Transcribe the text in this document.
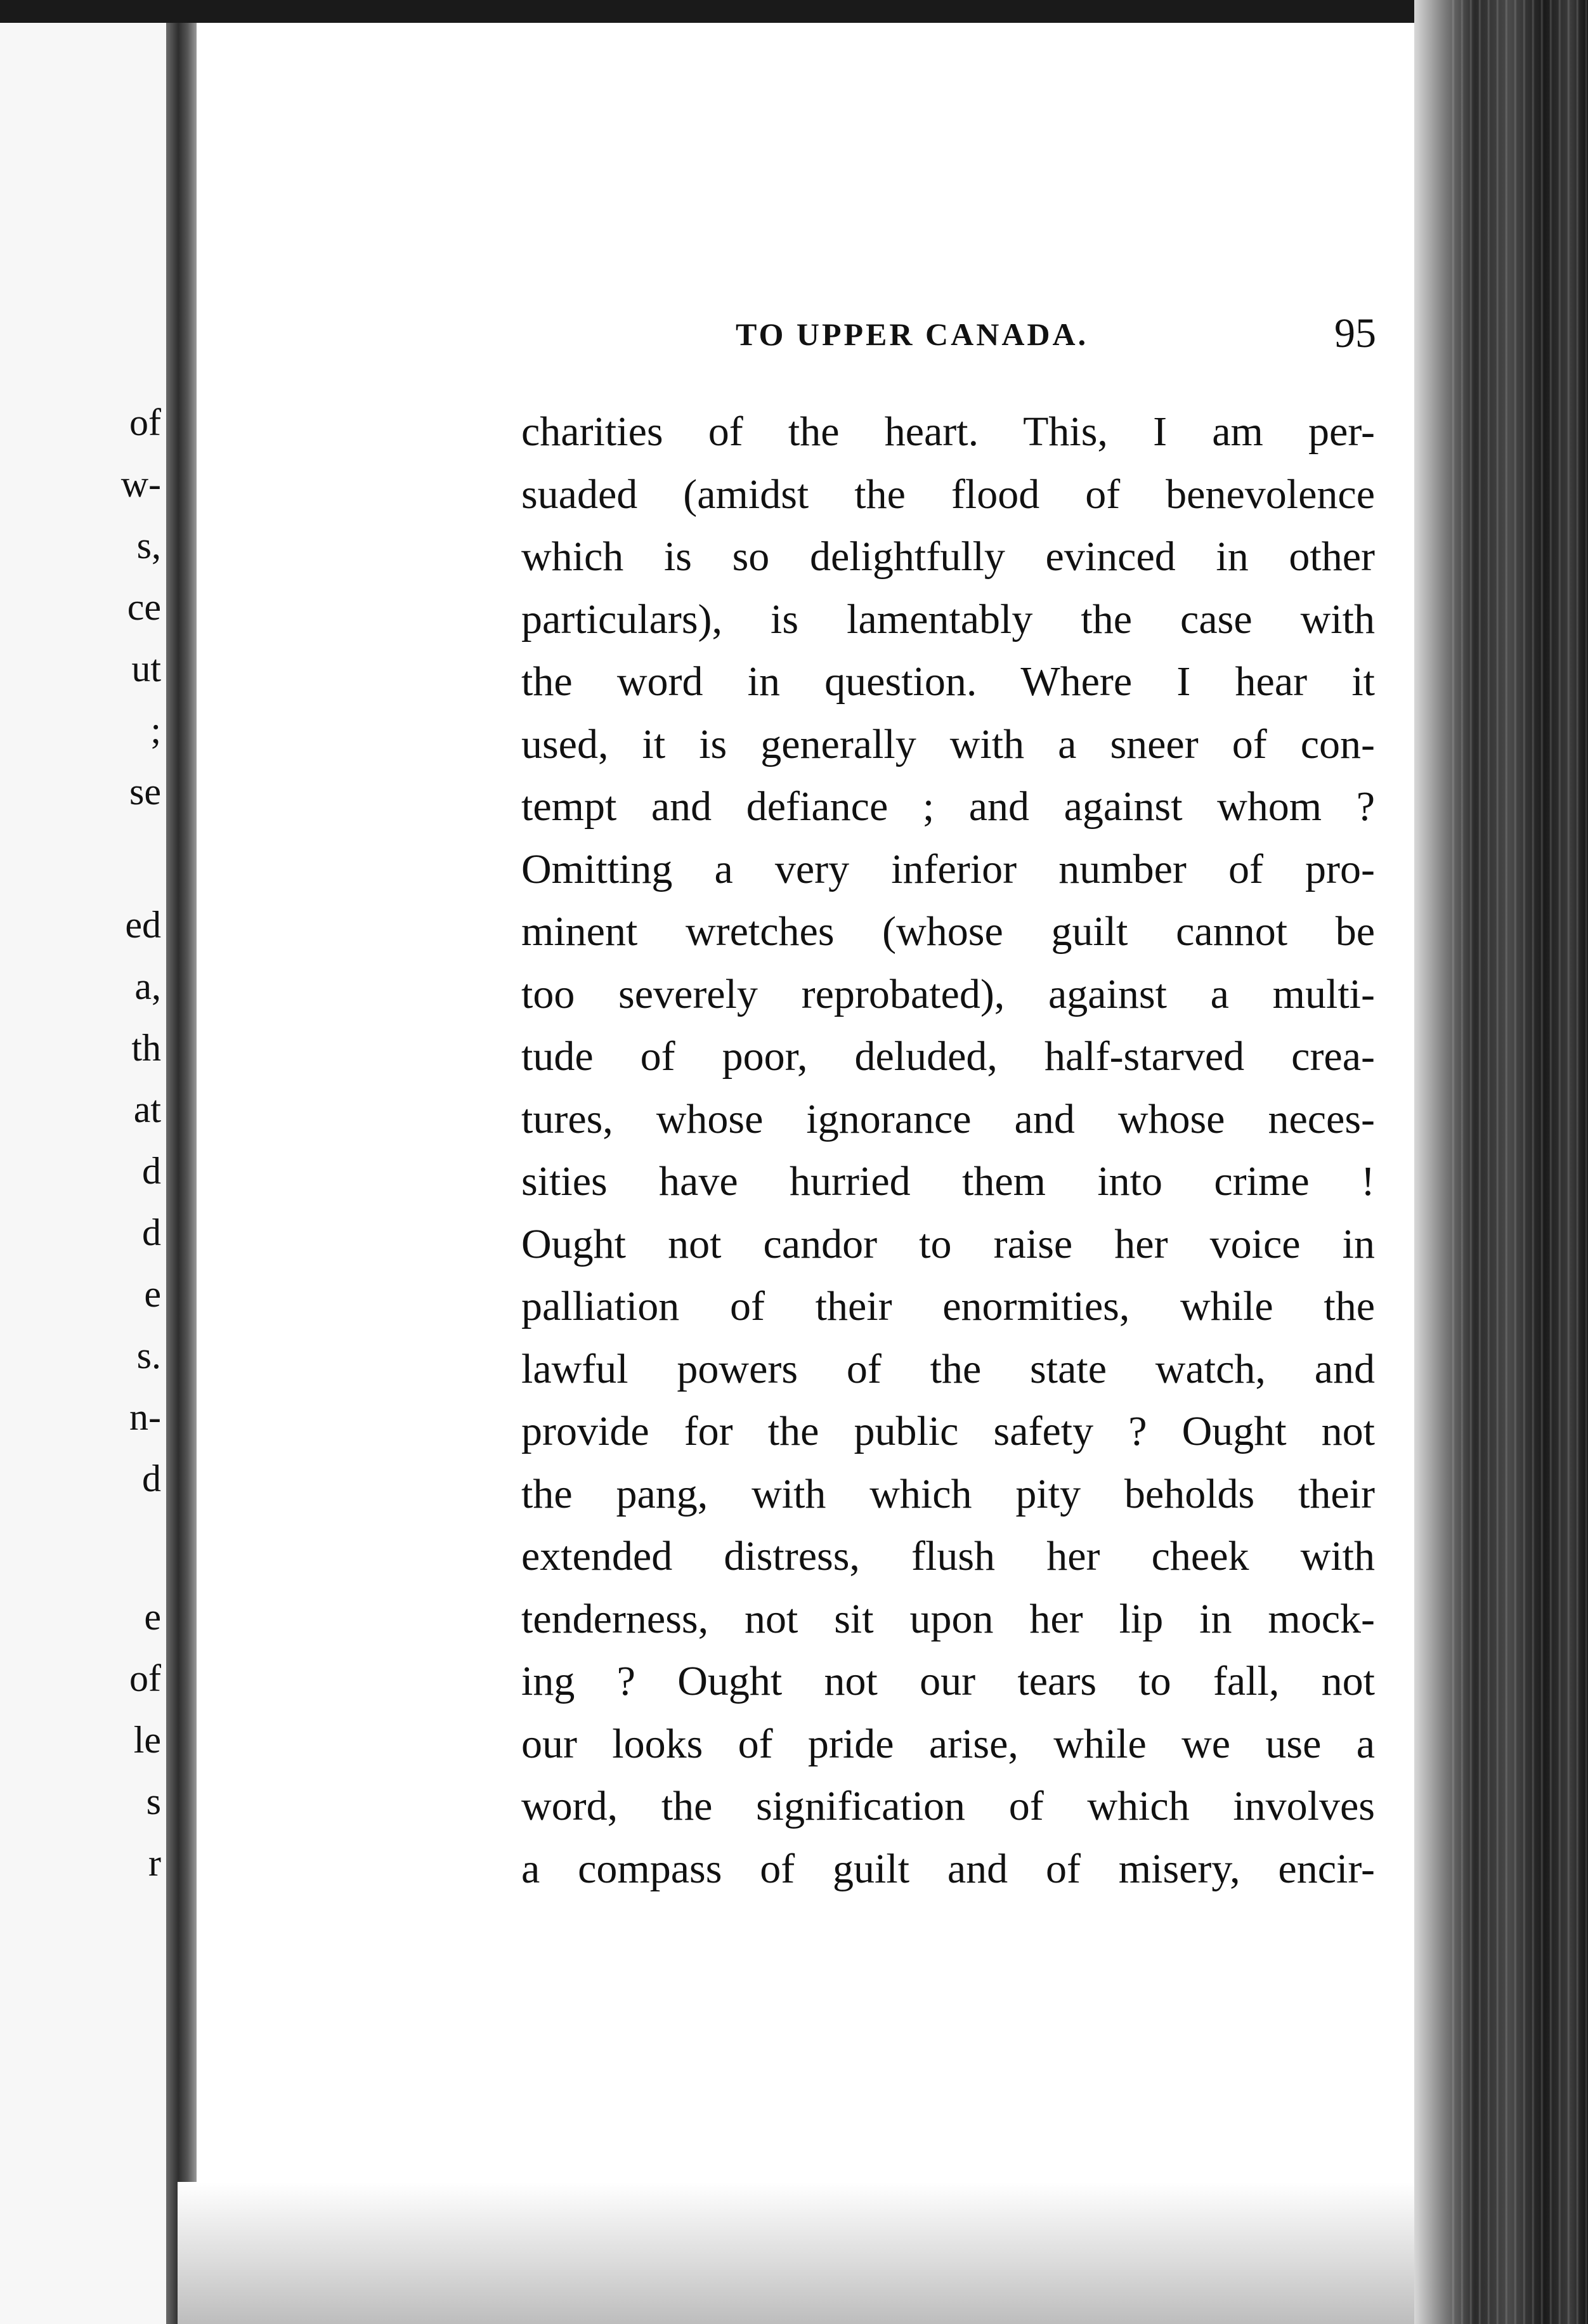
of
w-
s,
ce
ut
;
se
ed
a,
th
at
d
d
e
s.
n-
d
e
of
le
s
r
TO UPPER CANADA.	95
charities of the heart. This, I am per-
suaded (amidst the flood of benevolence
which is so delightfully evinced in other
particulars), is lamentably the case with
the word in question. Where I hear it
used, it is generally with a sneer of con-
tempt and defiance ; and against whom ?
Omitting a very inferior number of pro-
minent wretches (whose guilt cannot be
too severely reprobated), against a multi-
tude of poor, deluded, half-starved crea-
tures, whose ignorance and whose neces-
sities have hurried them into crime !
Ought not candor to raise her voice in
palliation of their enormities, while the
lawful powers of the state watch, and
provide for the public safety ? Ought not
the pang, with which pity beholds their
extended distress, flush her cheek with
tenderness, not sit upon her lip in mock-
ing ? Ought not our tears to fall, not
our looks of pride arise, while we use a
word, the signification of which involves
a compass of guilt and of misery, encir-
